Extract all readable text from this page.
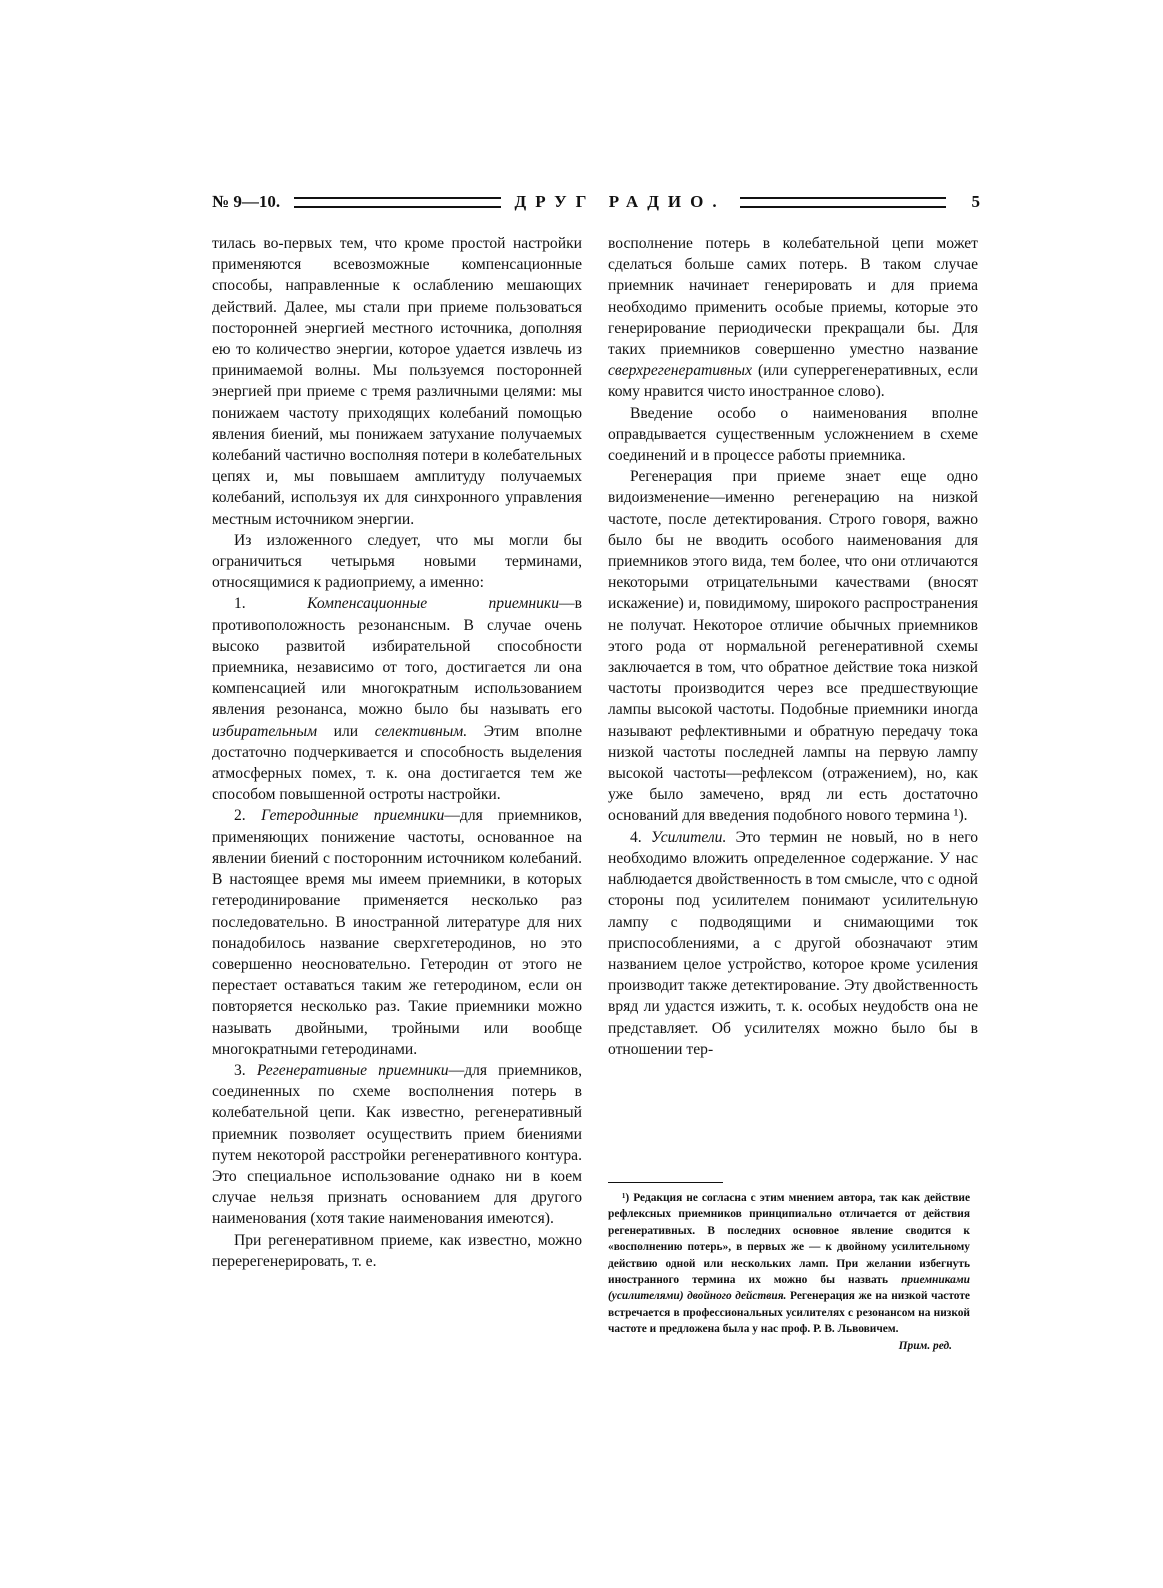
№ 9—10.	ДРУГ РАДИО.	5

тилась во-первых тем, что кроме простой настройки применяются всевозможные компенсационные способы, направленные к ослаблению мешающих действий. Далее, мы стали при приеме пользоваться посторонней энергией местного источника, дополняя ею то количество энергии, которое удается извлечь из принимаемой волны. Мы пользуемся посторонней энергией при приеме с тремя различными целями: мы понижаем частоту приходящих колебаний помощью явления биений, мы понижаем затухание получаемых колебаний частично восполняя потери в колебательных цепях и, мы повышаем амплитуду получаемых колебаний, используя их для синхронного управления местным источником энергии.

Из изложенного следует, что мы могли бы ограничиться четырьмя новыми терминами, относящимися к радиоприему, а именно:

1.	Компенсационные приемники—в противоположность резонансным. В случае очень высоко развитой избирательной способности приемника, независимо от того, достигается ли она компенсацией или многократным использованием явления резонанса, можно было бы называть его избирательным или селективным. Этим вполне достаточно подчеркивается и способность выделения атмосферных помех, т. к. она достигается тем же способом повышенной остроты настройки.

2. Гетеродинные приемники—для приемников, применяющих понижение частоты, основанное на явлении биений с посторонним источником колебаний. В настоящее время мы имеем приемники, в которых гетеродинирование применяется несколько раз последовательно. В иностранной литературе для них понадобилось название сверхгетеродинов, но это совершенно неосновательно. Гетеродин от этого не перестает оставаться таким же гетеродином, если он повторяется несколько раз. Такие приемники можно называть двойными, тройными или вообще многократными гетеродинами.

3. Регенеративные приемники—для приемников, соединенных по схеме восполнения потерь в колебательной цепи. Как известно, регенеративный приемник позволяет осуществить прием биениями путем некоторой расстройки регенеративного контура. Это специальное использование однако ни в коем случае нельзя признать основанием для другого наименования (хотя такие наименования имеются).

При регенеративном приеме, как известно, можно перерегенерировать, т. е.

восполнение потерь в колебательной цепи может сделаться больше самих потерь. В таком случае приемник начинает генерировать и для приема необходимо применить особые приемы, которые это генерирование периодически прекращали бы. Для таких приемников совершенно уместно название сверхрегенеративных (или суперрегенеративных, если кому нравится чисто иностранное слово).

Введение особо о наименования вполне оправдывается существенным усложнением в схеме соединений и в процессе работы приемника.

Регенерация при приеме знает еще одно видоизменение—именно регенерацию на низкой частоте, после детектирования. Строго говоря, важно было бы не вводить особого наименования для приемников этого вида, тем более, что они отличаются некоторыми отрицательными качествами (вносят искажение) и, повидимому, широкого распространения не получат. Некоторое отличие обычных приемников этого рода от нормальной регенеративной схемы заключается в том, что обратное действие тока низкой частоты производится через все предшествующие лампы высокой частоты. Подобные приемники иногда называют рефлективными и обратную передачу тока низкой частоты последней лампы на первую лампу высокой частоты—рефлексом (отражением), но, как уже было замечено, вряд ли есть достаточно оснований для введения подобного нового термина ¹).

4. Усилители. Это термин не новый, но в него необходимо вложить определенное содержание. У нас наблюдается двойственность в том смысле, что с одной стороны под усилителем понимают усилительную лампу с подводящими и снимающими ток приспособлениями, а с другой обозначают этим названием целое устройство, которое кроме усиления производит также детектирование. Эту двойственность вряд ли удастся изжить, т. к. особых неудобств она не представляет. Об усилителях можно было бы в отношении тер-

¹) Редакция не согласна с этим мнением автора, так как действие рефлексных приемников принципиально отличается от действия регенеративных. В последних основное явление сводится к «восполнению потерь», в первых же — к двойному усилительному действию одной или нескольких ламп. При желании избегнуть иностранного термина их можно бы назвать приемниками (усилителями) двойного действия. Регенерация же на низкой частоте встречается в профессиональных усилителях с резонансом на низкой частоте и предложена была у нас проф. Р. В. Львовичем.

Прим. ред.
